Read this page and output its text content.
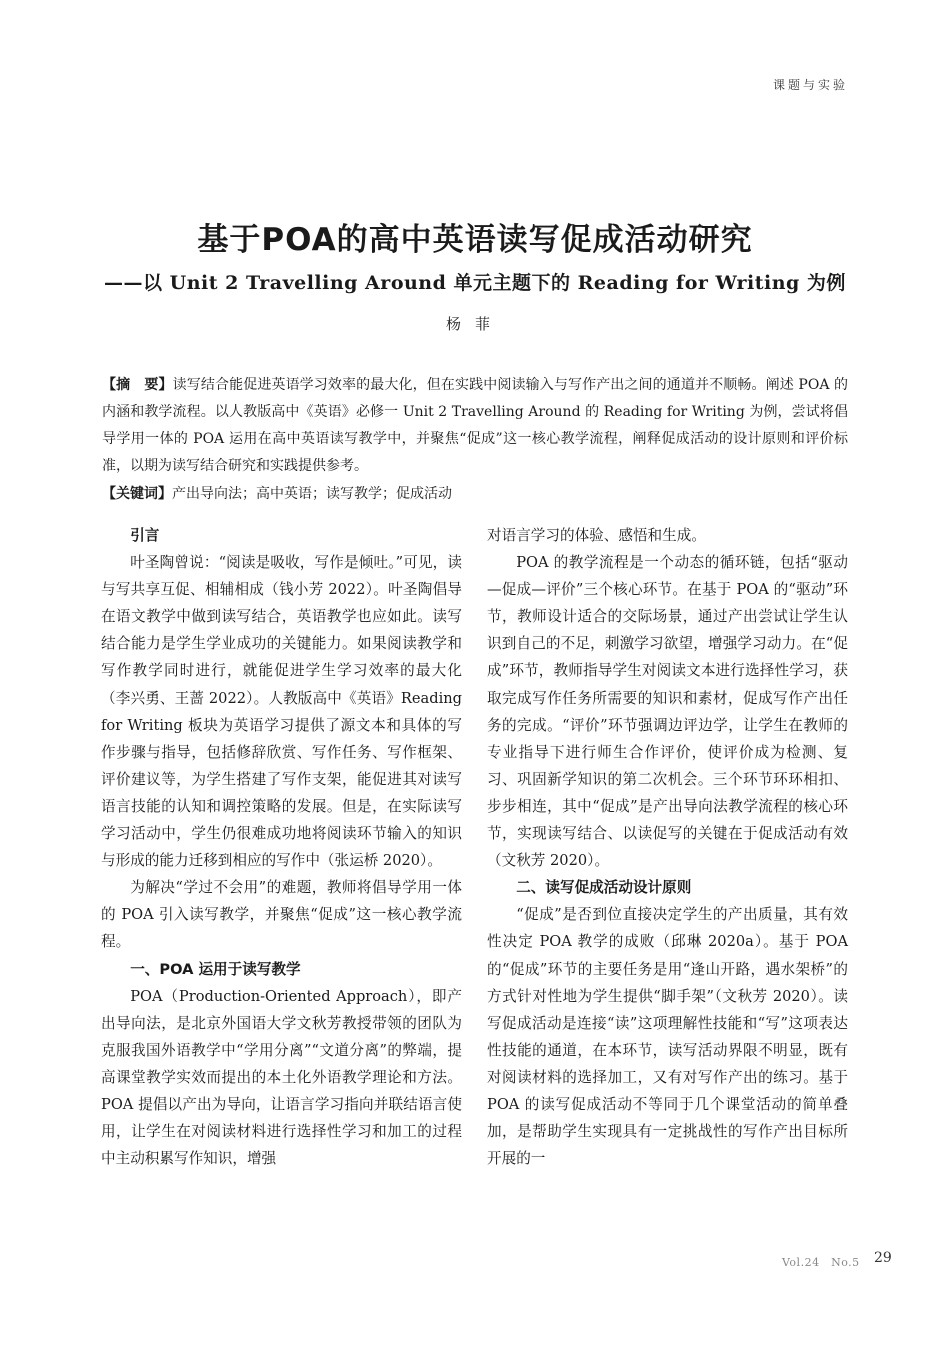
课题与实验
基于POA的高中英语读写促成活动研究
——以 Unit 2 Travelling Around 单元主题下的 Reading for Writing 为例
杨菲

【摘　要】读写结合能促进英语学习效率的最大化，但在实践中阅读输入与写作产出之间的通道并不顺畅。阐述 POA 的内涵和教学流程。以人教版高中《英语》必修一 Unit 2 Travelling Around 的 Reading for Writing 为例，尝试将倡导学用一体的 POA 运用在高中英语读写教学中，并聚焦“促成”这一核心教学流程，阐释促成活动的设计原则和评价标准，以期为读写结合研究和实践提供参考。

【关键词】产出导向法；高中英语；读写教学；促成活动

引言

叶圣陶曾说：“阅读是吸收，写作是倾吐。”可见，读与写共享互促、相辅相成（钱小芳 2022）。叶圣陶倡导在语文教学中做到读写结合，英语教学也应如此。读写结合能力是学生学业成功的关键能力。如果阅读教学和写作教学同时进行，就能促进学生学习效率的最大化（李兴勇、王蔷 2022）。人教版高中《英语》Reading for Writing 板块为英语学习提供了源文本和具体的写作步骤与指导，包括修辞欣赏、写作任务、写作框架、评价建议等，为学生搭建了写作支架，能促进其对读写语言技能的认知和调控策略的发展。但是，在实际读写学习活动中，学生仍很难成功地将阅读环节输入的知识与形成的能力迁移到相应的写作中（张运桥 2020）。

为解决“学过不会用”的难题，教师将倡导学用一体的 POA 引入读写教学，并聚焦“促成”这一核心教学流程。

一、POA 运用于读写教学

POA（Production-Oriented Approach），即产出导向法，是北京外国语大学文秋芳教授带领的团队为克服我国外语教学中“学用分离”“文道分离”的弊端，提高课堂教学实效而提出的本土化外语教学理论和方法。POA 提倡以产出为导向，让语言学习指向并联结语言使用，让学生在对阅读材料进行选择性学习和加工的过程中主动积累写作知识，增强

对语言学习的体验、感悟和生成。

POA 的教学流程是一个动态的循环链，包括“驱动—促成—评价”三个核心环节。在基于 POA 的“驱动”环节，教师设计适合的交际场景，通过产出尝试让学生认识到自己的不足，刺激学习欲望，增强学习动力。在“促成”环节，教师指导学生对阅读文本进行选择性学习，获取完成写作任务所需要的知识和素材，促成写作产出任务的完成。“评价”环节强调边评边学，让学生在教师的专业指导下进行师生合作评价，使评价成为检测、复习、巩固新学知识的第二次机会。三个环节环环相扣、步步相连，其中“促成”是产出导向法教学流程的核心环节，实现读写结合、以读促写的关键在于促成活动有效（文秋芳 2020）。

二、读写促成活动设计原则

“促成”是否到位直接决定学生的产出质量，其有效性决定 POA 教学的成败（邱琳 2020a）。基于 POA 的“促成”环节的主要任务是用“逢山开路，遇水架桥”的方式针对性地为学生提供“脚手架”（文秋芳 2020）。读写促成活动是连接“读”这项理解性技能和“写”这项表达性技能的通道，在本环节，读写活动界限不明显，既有对阅读材料的选择加工，又有对写作产出的练习。基于 POA 的读写促成活动不等同于几个课堂活动的简单叠加，是帮助学生实现具有一定挑战性的写作产出目标所开展的一

Vol.24　No.5 29
